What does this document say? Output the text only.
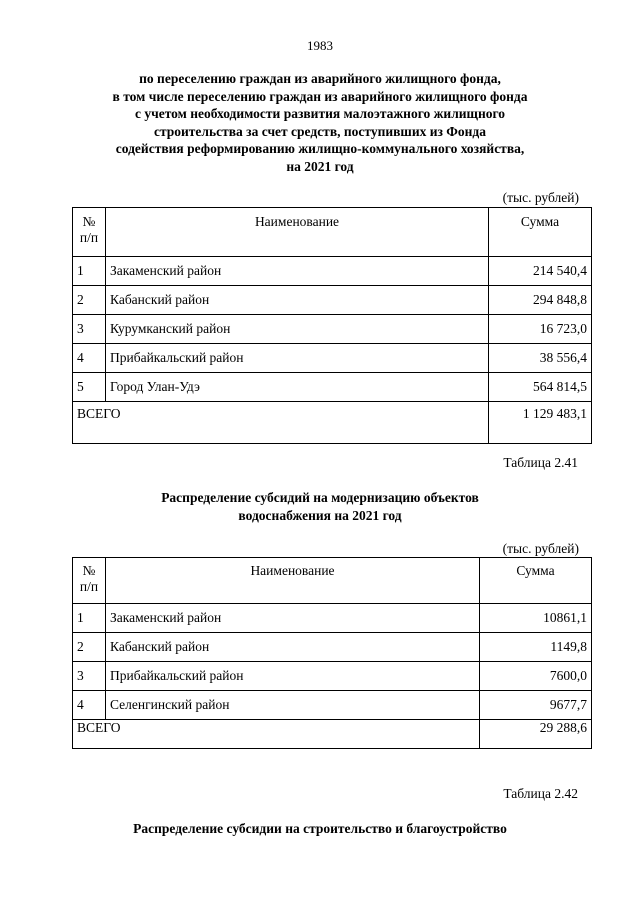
1983
по переселению граждан из аварийного жилищного фонда,
в том числе переселению граждан из аварийного жилищного фонда
с учетом необходимости развития малоэтажного жилищного
строительства за счет средств, поступивших из Фонда
содействия реформированию жилищно-коммунального хозяйства,
на 2021 год
(тыс. рублей)
№ п/п	Наименование	Сумма
1	Закаменский район	214 540,4
2	Кабанский район	294 848,8
3	Курумканский район	16 723,0
4	Прибайкальский район	38 556,4
5	Город Улан-Удэ	564 814,5
ВСЕГО		1 129 483,1
Таблица 2.41
Распределение субсидий на модернизацию объектов
водоснабжения на 2021 год
(тыс. рублей)
№ п/п	Наименование	Сумма
1	Закаменский район	10861,1
2	Кабанский район	1149,8
3	Прибайкальский район	7600,0
4	Селенгинский район	9677,7
ВСЕГО		29 288,6
Таблица 2.42
Распределение субсидии на строительство и благоустройство
